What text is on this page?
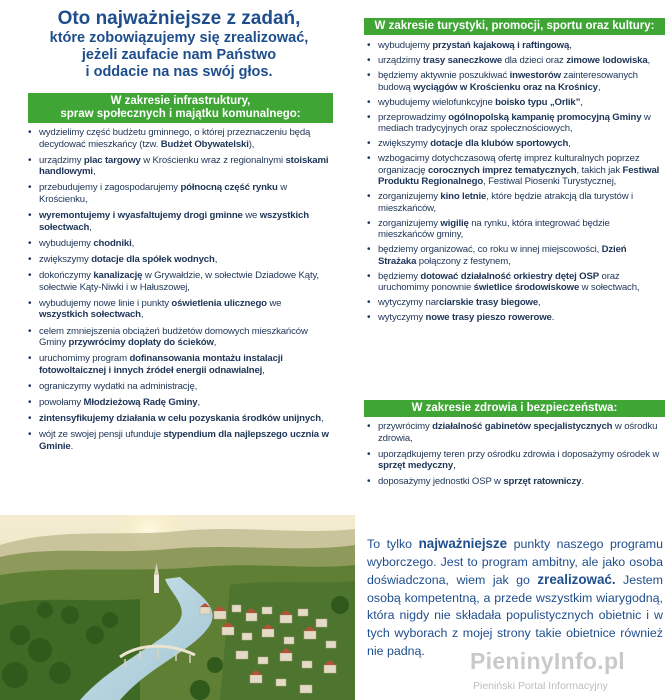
Oto najważniejsze z zadań,
które zobowiązujemy się zrealizować,
jeżeli zaufacie nam Państwo
i oddacie na nas swój głos.
W zakresie infrastruktury,
spraw społecznych i majątku komunalnego:
• wydzielimy część budżetu gminnego, o której przeznaczeniu będą decydować mieszkańcy (tzw. Budżet Obywatelski),
• urządzimy plac targowy w Krościenku wraz z regionalnymi stoiskami handlowymi,
• przebudujemy i zagospodarujemy północną część rynku w Krościenku,
• wyremontujemy i wyasfaltujemy drogi gminne we wszystkich sołectwach,
• wybudujemy chodniki,
• zwiększymy dotacje dla spółek wodnych,
• dokończymy kanalizację w Grywałdzie, w sołectwie Dziadowe Kąty, sołectwie Kąty-Niwki i w Hałuszowej,
• wybudujemy nowe linie i punkty oświetlenia ulicznego we wszystkich sołectwach,
• celem zmniejszenia obciążeń budżetów domowych mieszkańców Gminy przywrócimy dopłaty do ścieków,
• uruchomimy program dofinansowania montażu instalacji fotowoltaicznej i innych źródeł energii odnawialnej,
• ograniczymy wydatki na administrację,
• powołamy Młodzieżową Radę Gminy,
• zintensyfikujemy działania w celu pozyskania środków unijnych,
• wójt ze swojej pensji ufunduje stypendium dla najlepszego ucznia w Gminie.
W zakresie turystyki, promocji, sportu oraz kultury:
• wybudujemy przystań kajakową i raftingową,
• urządzimy trasy saneczkowe dla dzieci oraz zimowe lodowiska,
• będziemy aktywnie poszukiwać inwestorów zainteresowanych budową wyciągów w Krościenku oraz na Krośnicy,
• wybudujemy wielofunkcyjne boisko typu „Orlik”,
• przeprowadzimy ogólnopolską kampanię promocyjną Gminy w mediach tradycyjnych oraz społecznościowych,
• zwiększymy dotacje dla klubów sportowych,
• wzbogacimy dotychczasową ofertę imprez kulturalnych poprzez organizację corocznych imprez tematycznych, takich jak Festiwal Produktu Regionalnego, Festiwal Piosenki Turystycznej,
• zorganizujemy kino letnie, które będzie atrakcją dla turystów i mieszkańców,
• zorganizujemy wigilię na rynku, która integrować będzie mieszkańców gminy,
• będziemy organizować, co roku w innej miejscowości, Dzień Strażaka połączony z festynem,
• będziemy dotować działalność orkiestry dętej OSP oraz uruchomimy ponownie świetlice środowiskowe w sołectwach,
• wytyczymy narciarskie trasy biegowe,
• wytyczymy nowe trasy pieszo rowerowe.
W zakresie zdrowia i bezpieczeństwa:
• przywrócimy działalność gabinetów specjalistycznych w ośrodku zdrowia,
• uporządkujemy teren przy ośrodku zdrowia i doposażymy ośrodek w sprzęt medyczny,
• doposażymy jednostki OSP w sprzęt ratowniczy.
To tylko najważniejsze punkty naszego programu wyborczego. Jest to program ambitny, ale jako osoba doświadczona, wiem jak go zrealizować. Jestem osobą kompetentną, a przede wszystkim wiarygodną, która nigdy nie składała populistycznych obietnic i w tych wyborach z mojej strony takie obietnice również nie padną.	PieninyInfo.pl
Pieniński Portal Informacyjny
